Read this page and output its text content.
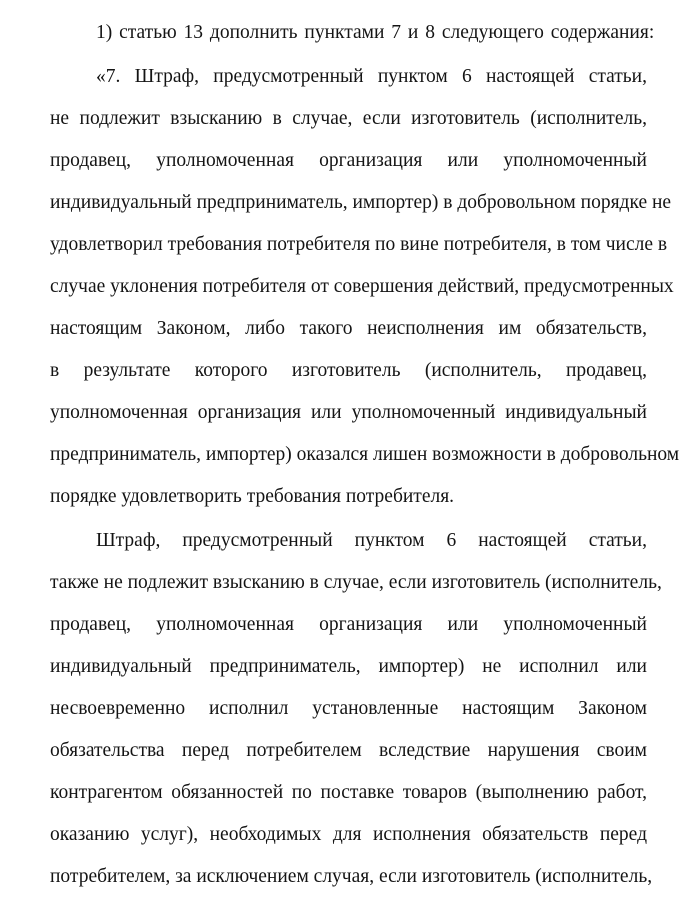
1) статью 13 дополнить пунктами 7 и 8 следующего содержания:
«7. Штраф, предусмотренный пунктом 6 настоящей статьи,
не подлежит взысканию в случае, если изготовитель (исполнитель,
продавец, уполномоченная организация или уполномоченный
индивидуальный предприниматель, импортер) в добровольном порядке не
удовлетворил требования потребителя по вине потребителя, в том числе в
случае уклонения потребителя от совершения действий, предусмотренных
настоящим Законом, либо такого неисполнения им обязательств,
в результате которого изготовитель (исполнитель, продавец,
уполномоченная организация или уполномоченный индивидуальный
предприниматель, импортер) оказался лишен возможности в добровольном
порядке удовлетворить требования потребителя.
Штраф, предусмотренный пунктом 6 настоящей статьи,
также не подлежит взысканию в случае, если изготовитель (исполнитель,
продавец, уполномоченная организация или уполномоченный
индивидуальный предприниматель, импортер) не исполнил или
несвоевременно исполнил установленные настоящим Законом
обязательства перед потребителем вследствие нарушения своим
контрагентом обязанностей по поставке товаров (выполнению работ,
оказанию услуг), необходимых для исполнения обязательств перед
потребителем, за исключением случая, если изготовитель (исполнитель,
